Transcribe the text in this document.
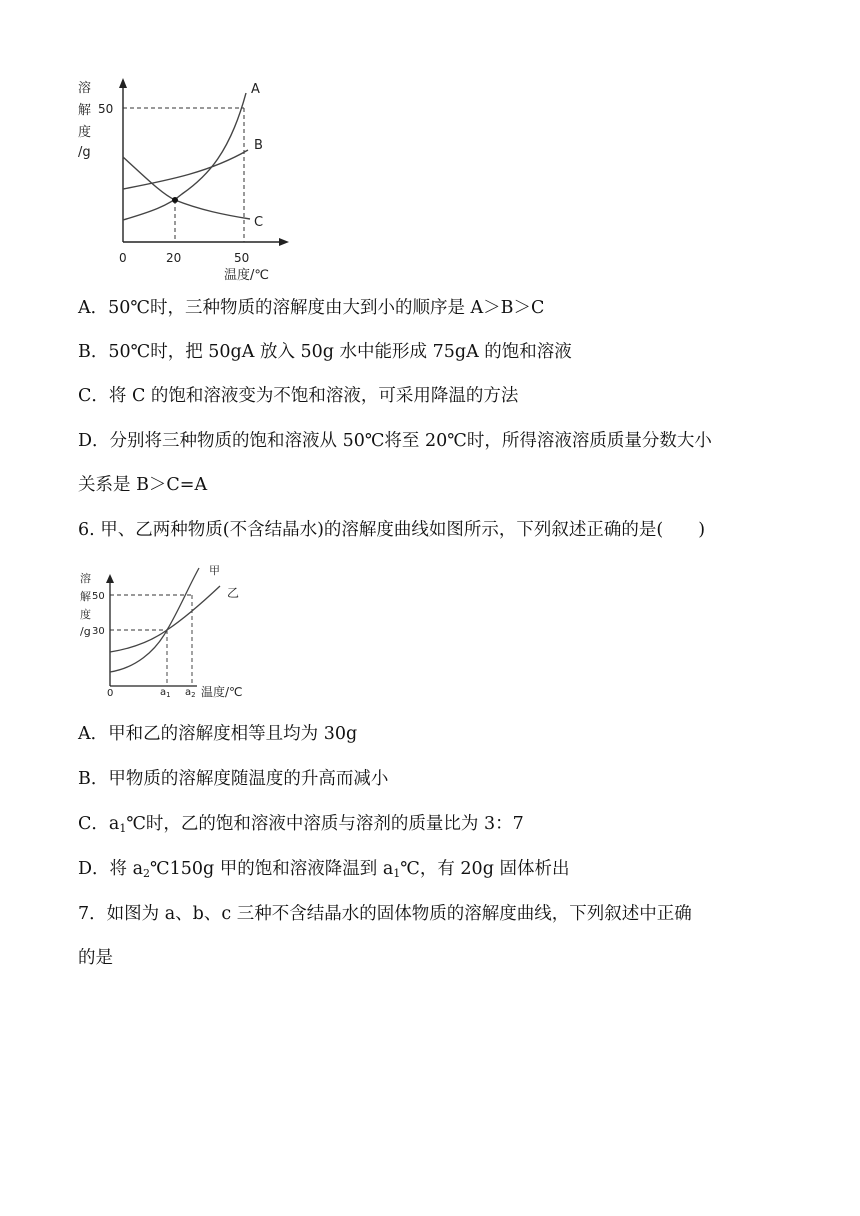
溶
解
度
/g
50
0	20	50
温度/℃
A
B
C
A．50℃时，三种物质的溶解度由大到小的顺序是 A＞B＞C
B．50℃时，把 50gA 放入 50g 水中能形成 75gA 的饱和溶液
C．将 C 的饱和溶液变为不饱和溶液，可采用降温的方法
D．分别将三种物质的饱和溶液从 50℃将至 20℃时，所得溶液溶质质量分数大小
关系是 B＞C=A
6. 甲、乙两种物质(不含结晶水)的溶解度曲线如图所示，下列叙述正确的是(　　)
溶
解
度
/g
50
30
0	$a_1$ $a_2$ 温度/℃
甲
乙
A．甲和乙的溶解度相等且均为 30g
B．甲物质的溶解度随温度的升高而减小
C．$a_1℃$时，乙的饱和溶液中溶质与溶剂的质量比为 3：7
D．将 $a_2℃150g$ 甲的饱和溶液降温到 $a_1℃$，有 20g 固体析出
7．如图为 a、b、c 三种不含结晶水的固体物质的溶解度曲线，下列叙述中正确
的是
